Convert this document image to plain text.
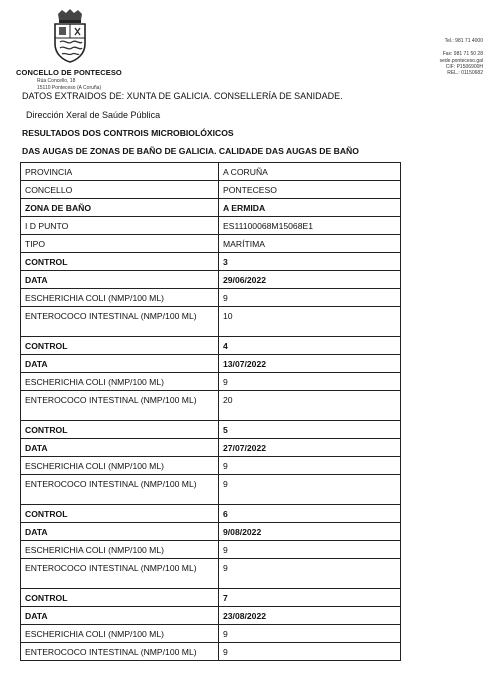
CONCELLO DE PONTECESO
Rúa Concello, 18
15110 Ponteceso (A Coruña)
Tel.: 981 71 4000
Fax: 981 71 50 28
sede.ponteceso.gal
CIF: P1506900H
REL.: 01150682
DATOS EXTRAIDOS DE: XUNTA DE GALICIA. CONSELLERÍA DE SANIDADE.
Dirección Xeral de Saúde Pública
RESULTADOS DOS CONTROIS MICROBIOLÓXICOS
DAS AUGAS DE ZONAS DE BAÑO DE GALICIA. CALIDADE DAS AUGAS DE BAÑO
PROVINCIA	A CORUÑA
CONCELLO	PONTECESO
ZONA DE BAÑO	A ERMIDA
I D PUNTO	ES11100068M15068E1
TIPO	MARÍTIMA
CONTROL	3
DATA	29/06/2022
ESCHERICHIA COLI (NMP/100 ML)	9
ENTEROCOCO INTESTINAL (NMP/100 ML)	10
CONTROL	4
DATA	13/07/2022
ESCHERICHIA COLI (NMP/100 ML)	9
ENTEROCOCO INTESTINAL (NMP/100 ML)	20
CONTROL	5
DATA	27/07/2022
ESCHERICHIA COLI (NMP/100 ML)	9
ENTEROCOCO INTESTINAL (NMP/100 ML)	9
CONTROL	6
DATA	9/08/2022
ESCHERICHIA COLI (NMP/100 ML)	9
ENTEROCOCO INTESTINAL (NMP/100 ML)	9
CONTROL	7
DATA	23/08/2022
ESCHERICHIA COLI (NMP/100 ML)	9
ENTEROCOCO INTESTINAL (NMP/100 ML)	9
